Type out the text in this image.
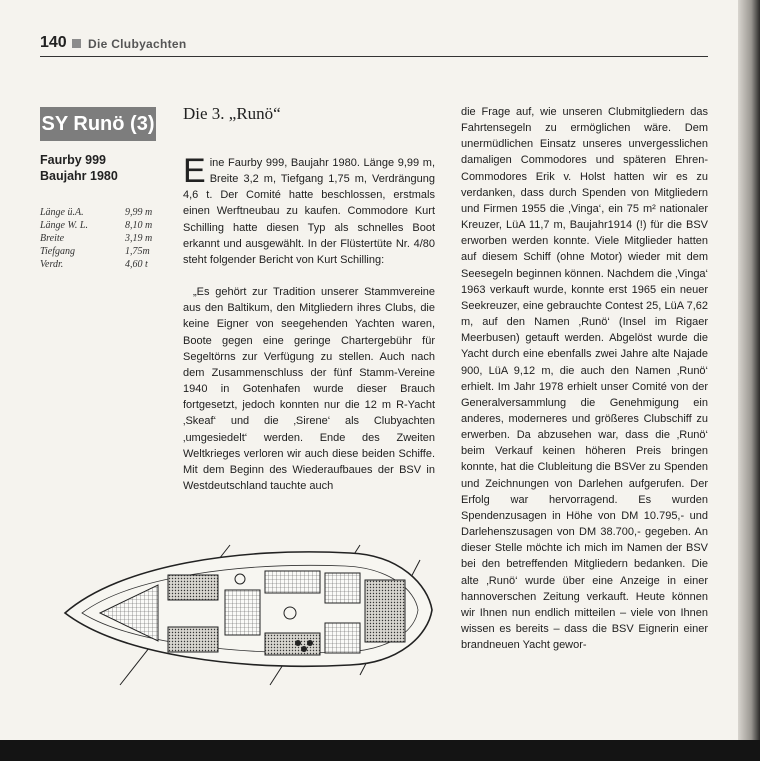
140 Die Clubyachten
SY Runö (3)
Faurby 999
Baujahr 1980
Länge ü.A.	9,99 m
Länge W. L.	8,10 m
Breite	3,19 m
Tiefgang	1,75m
Verdr.	4,60 t
Die 3. „Runö“

Eine Faurby 999, Baujahr 1980. Länge 9,99 m, Breite 3,2 m, Tiefgang 1,75 m, Verdrängung 4,6 t. Der Comité hatte beschlossen, erstmals einen Werftneubau zu kaufen. Commodore Kurt Schilling hatte diesen Typ als schnelles Boot erkannt und ausgewählt. In der Flüstertüte Nr. 4/80 steht folgender Bericht von Kurt Schilling:

„Es gehört zur Tradition unserer Stammvereine aus den Baltikum, den Mitgliedern ihres Clubs, die keine Eigner von seegehenden Yachten waren, Boote gegen eine geringe Chartergebühr für Segeltörns zur Verfügung zu stellen. Auch nach dem Zusammenschluss der fünf Stamm-Vereine 1940 in Gotenhafen wurde dieser Brauch fortgesetzt, jedoch konnten nur die 12 m R-Yacht ‚Skeaf‘ und die ‚Sirene‘ als Clubyachten ‚umgesiedelt‘ werden. Ende des Zweiten Weltkrieges verloren wir auch diese beiden Schiffe. Mit dem Beginn des Wiederaufbaues der BSV in Westdeutschland tauchte auch

die Frage auf, wie unseren Clubmitgliedern das Fahrtensegeln zu ermöglichen wäre. Dem unermüdlichen Einsatz unseres unvergesslichen damaligen Commodores und späteren Ehren-Commodores Erik v. Holst hatten wir es zu verdanken, dass durch Spenden von Mitgliedern und Firmen 1955 die ‚Vinga‘, ein 75 m² nationaler Kreuzer, LüA 11,7 m, Baujahr1914 (!) für die BSV erworben werden konnte. Viele Mitglieder hatten auf diesem Schiff (ohne Motor) wieder mit dem Seesegeln beginnen können. Nachdem die ‚Vinga‘ 1963 verkauft wurde, konnte erst 1965 ein neuer Seekreuzer, eine gebrauchte Contest 25, LüA 7,62 m, auf den Namen ‚Runö‘ (Insel im Rigaer Meerbusen) getauft werden. Abgelöst wurde die Yacht durch eine ebenfalls zwei Jahre alte Najade 900, LüA 9,12 m, die auch den Namen ‚Runö‘ erhielt. Im Jahr 1978 erhielt unser Comité von der Generalversammlung die Genehmigung ein anderes, moderneres und größeres Clubschiff zu erwerben. Da abzusehen war, dass die ‚Runö‘ beim Verkauf keinen höheren Preis bringen konnte, hat die Clubleitung die BSVer zu Spenden und Zeichnungen von Darlehen aufgerufen. Der Erfolg war hervorragend. Es wurden Spendenzusagen in Höhe von DM 10.795,- und Darlehenszusagen von DM 38.700,- gegeben. An dieser Stelle möchte ich mich im Namen der BSV bei den betreffenden Mitgliedern bedanken. Die alte ‚Runö‘ wurde über eine Anzeige in einer hannoverschen Zeitung verkauft. Heute können wir Ihnen nun endlich mitteilen – viele von Ihnen wissen es bereits – dass die BSV Eignerin einer brandneuen Yacht gewor-
